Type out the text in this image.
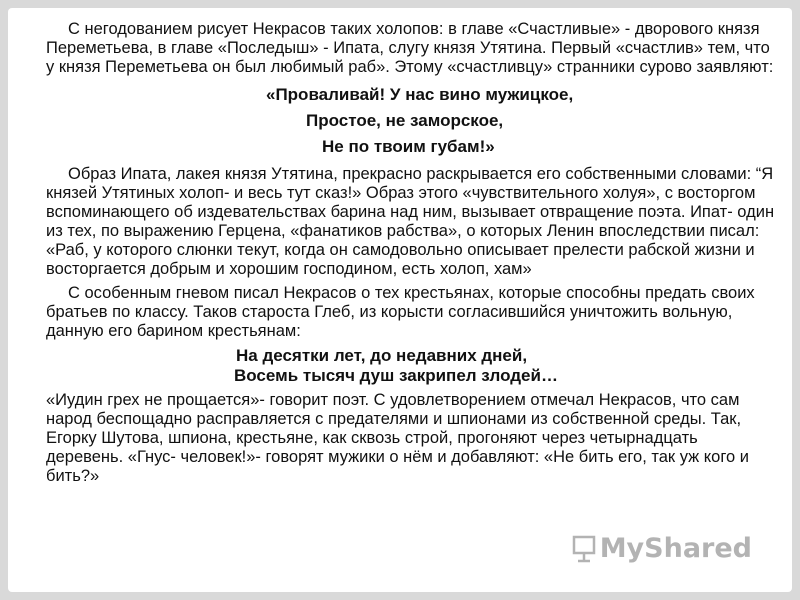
С негодованием рисует Некрасов таких холопов: в главе «Счастливые» - дворового князя Переметьева, в главе «Последыш» - Ипата, слугу князя Утятина. Первый «счастлив» тем, что у князя Переметьева он был любимый раб». Этому «счастливцу» странники сурово заявляют:

«Проваливай! У нас вино мужицкое,
Простое, не заморское,
Не по твоим губам!»

Образ Ипата, лакея князя Утятина, прекрасно раскрывается его собственными словами: “Я князей Утятиных холоп- и весь тут сказ!» Образ этого «чувствительного холуя», с восторгом вспоминающего об издевательствах барина над ним, вызывает отвращение поэта. Ипат- один из тех, по выражению Герцена, «фанатиков рабства», о которых Ленин впоследствии писал: «Раб, у которого слюнки текут, когда он самодовольно описывает прелести рабской жизни и восторгается добрым и хорошим господином, есть холоп, хам»

С особенным гневом писал Некрасов о тех крестьянах, которые способны предать своих братьев по классу. Таков староста Глеб, из корысти согласившийся уничтожить вольную, данную его барином крестьянам:

На десятки лет, до недавних дней,
Восемь тысяч душ закрипел злодей…

«Иудин грех не прощается»- говорит поэт. С удовлетворением отмечал Некрасов, что сам народ беспощадно расправляется с предателями и шпионами из собственной среды. Так, Егорку Шутова, шпиона, крестьяне, как сквозь строй, прогоняют через четырнадцать деревень. «Гнус- человек!»- говорят мужики о нём и добавляют: «Не бить его, так уж кого и бить?»

MyShared
